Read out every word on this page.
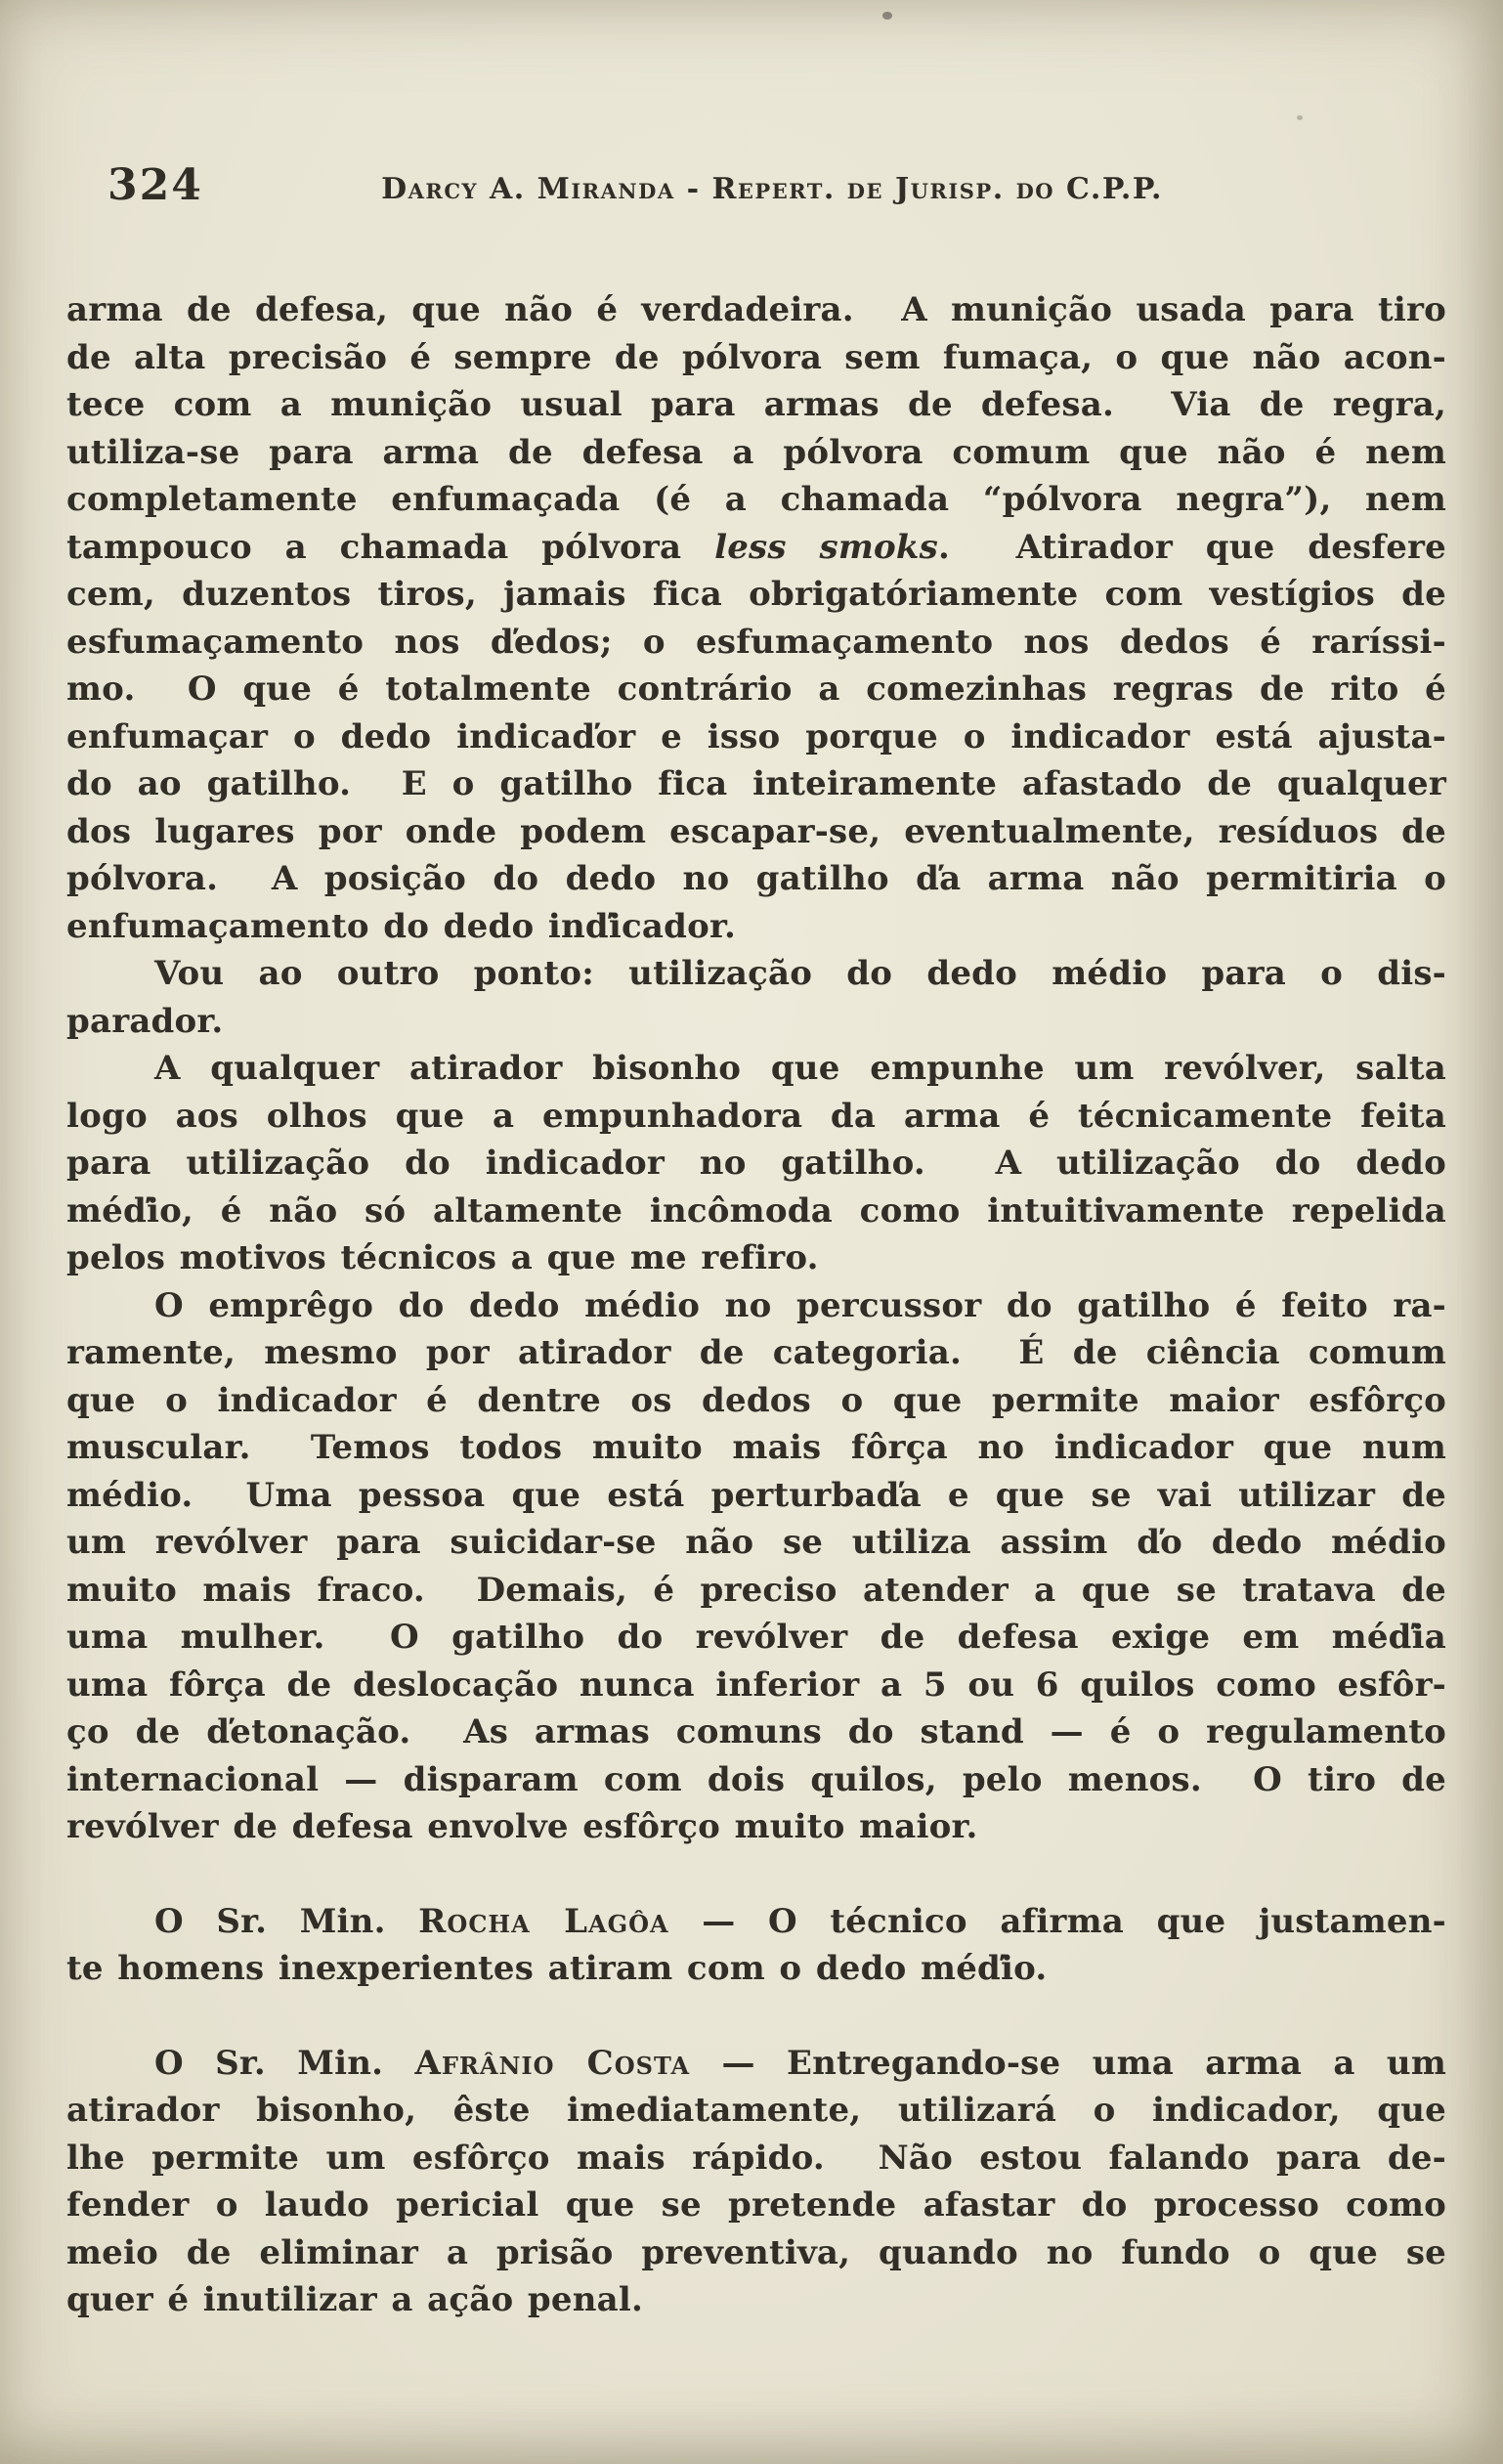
324	Darcy A. Miranda - Repert. de Jurisp. do C.P.P.
arma de defesa, que não é verdadeira.  A munição usada para tiro
de alta precisão é sempre de pólvora sem fumaça, o que não acon-
tece com a munição usual para armas de defesa.  Via de regra,
utiliza-se para arma de defesa a pólvora comum que não é nem
completamente enfumaçada (é a chamada “pólvora negra”), nem
tampouco a chamada pólvora less smoks.  Atirador que desfere
cem, duzentos tiros, jamais fica obrigatóriamente com vestígios de
esfumaçamento nos ďedos; o esfumaçamento nos dedos é raríssi-
mo.  O que é totalmente contrário a comezinhas regras de rito é
enfumaçar o dedo indicaďor e isso porque o indicador está ajusta-
do ao gatilho.  E o gatilho fica inteiramente afastado de qualquer
dos lugares por onde podem escapar-se, eventualmente, resíduos de
pólvora.  A posição do dedo no gatilho ďa arma não permitiria o
enfumaçamento do dedo inďicador.
Vou ao outro ponto: utilização do dedo médio para o dis-
parador.
A qualquer atirador bisonho que empunhe um revólver, salta
logo aos olhos que a empunhadora da arma é técnicamente feita
para utilização do indicador no gatilho.  A utilização do dedo
méďio, é não só altamente incômoda como intuitivamente repelida
pelos motivos técnicos a que me refiro.
O emprêgo do dedo médio no percussor do gatilho é feito ra-
ramente, mesmo por atirador de categoria.  É de ciência comum
que o indicador é dentre os dedos o que permite maior esfôrço
muscular.  Temos todos muito mais fôrça no indicador que num
médio.  Uma pessoa que está perturbaďa e que se vai utilizar de
um revólver para suicidar-se não se utiliza assim ďo dedo médio
muito mais fraco.  Demais, é preciso atender a que se tratava de
uma mulher.  O gatilho do revólver de defesa exige em méďia
uma fôrça de deslocação nunca inferior a 5 ou 6 quilos como esfôr-
ço de ďetonação.  As armas comuns do stand — é o regulamento
internacional — disparam com dois quilos, pelo menos.  O tiro de
revólver de defesa envolve esfôrço muito maior.
O Sr. Min. Rocha Lagôa — O técnico afirma que justamen-
te homens inexperientes atiram com o dedo méďio.
O Sr. Min. Afrânio Costa — Entregando-se uma arma a um
atirador bisonho, êste imediatamente, utilizará o indicador, que
lhe permite um esfôrço mais rápido.  Não estou falando para de-
fender o laudo pericial que se pretende afastar do processo como
meio de eliminar a prisão preventiva, quando no fundo o que se
quer é inutilizar a ação penal.
